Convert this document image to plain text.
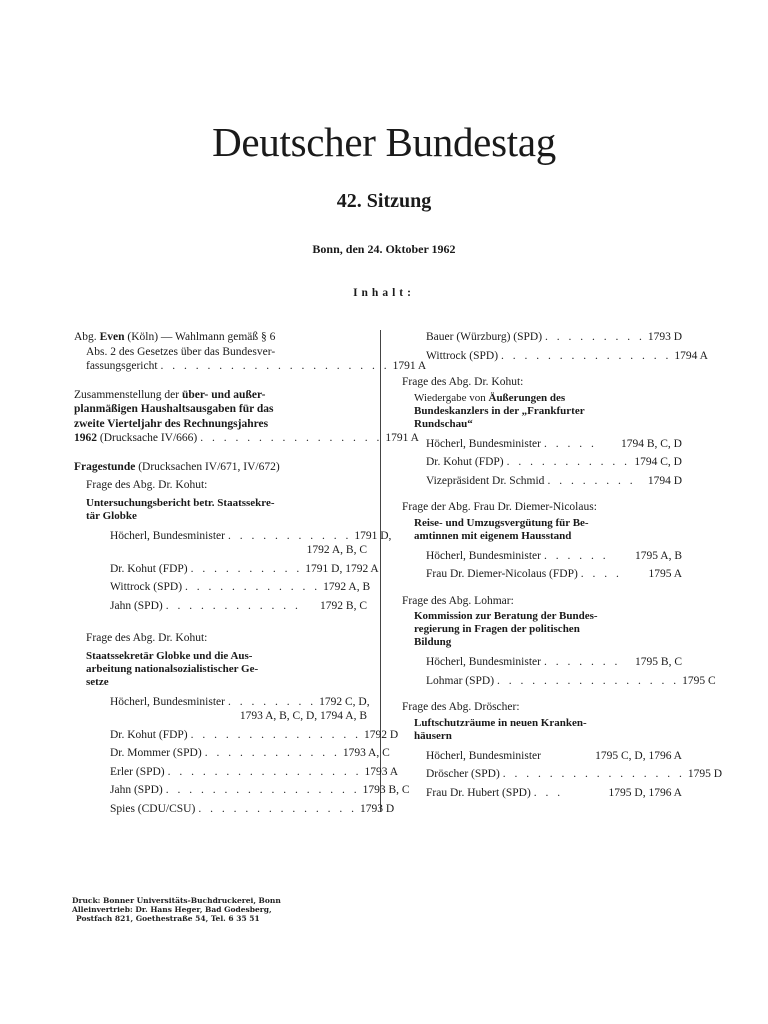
Deutscher Bundestag
42. Sitzung
Bonn, den 24. Oktober 1962
Inhalt:

Abg. Even (Köln) — Wahlmann gemäß § 6

Abs. 2 des Gesetzes über das Bundesver-

fassungsgericht . . . . . . . . . . . . . . . . . . . . 1791 A

Zusammenstellung der über- und außer-

planmäßigen Haushaltsausgaben für das

zweite Vierteljahr des Rechnungsjahres

1962 (Drucksache IV/666) . . . . . . . . . . . . . . . . 1791 A

Fragestunde (Drucksachen IV/671, IV/672)

Frage des Abg. Dr. Kohut:

Untersuchungsbericht betr. Staatssekre-
tär Globke
Höcherl, Bundesminister . . . . . . . . . . . 1791 D,
1792 A, B, C
Dr. Kohut (FDP) . . . . . . . . . . 1791 D, 1792 A
Wittrock (SPD) . . . . . . . . . . . . 1792 A, B
Jahn (SPD) . . . . . . . . . . . .	1792 B, C

Frage des Abg. Dr. Kohut:

Staatssekretär Globke und die Aus-
arbeitung nationalsozialistischer Ge-
setze
Höcherl, Bundesminister . . . . . . . . 1792 C, D,
1793 A, B, C, D, 1794 A, B
Dr. Kohut (FDP) . . . . . . . . . . . . . . . 1792 D
Dr. Mommer (SPD) . . . . . . . . . . . . 1793 A, C
Erler (SPD) . . . . . . . . . . . . . . . . . 1793 A
Jahn (SPD) . . . . . . . . . . . . . . . . . 1793 B, C
Spies (CDU/CSU) . . . . . . . . . . . . . . 1793 D
Bauer (Würzburg) (SPD) . . . . . . . . . 1793 D
Wittrock (SPD) . . . . . . . . . . . . . . . 1794 A

Frage des Abg. Dr. Kohut:

Wiedergabe von Äußerungen des
Bundeskanzlers in der „Frankfurter
Rundschau“
Höcherl, Bundesminister . . . . .	1794 B, C, D
Dr. Kohut (FDP) . . . . . . . . . . . 1794 C, D
Vizepräsident Dr. Schmid . . . . . . . .	1794 D

Frage der Abg. Frau Dr. Diemer-Nicolaus:

Reise- und Umzugsvergütung für Be-
amtinnen mit eigenem Hausstand
Höcherl, Bundesminister . . . . . .	1795 A, B
Frau Dr. Diemer-Nicolaus (FDP) . . . .	1795 A

Frage des Abg. Lohmar:

Kommission zur Beratung der Bundes-
regierung in Fragen der politischen
Bildung
Höcherl, Bundesminister . . . . . . .	1795 B, C
Lohmar (SPD) . . . . . . . . . . . . . . . . 1795 C

Frage des Abg. Dröscher:

Luftschutzräume in neuen Kranken-
häusern
Höcherl, Bundesminister	1795 C, D, 1796 A
Dröscher (SPD) . . . . . . . . . . . . . . . . 1795 D
Frau Dr. Hubert (SPD) . . .	1795 D, 1796 A

Druck: Bonner Universitäts-Buchdruckerei, Bonn

Alleinvertrieb: Dr. Hans Heger, Bad Godesberg,

Postfach 821, Goethestraße 54, Tel. 6 35 51
